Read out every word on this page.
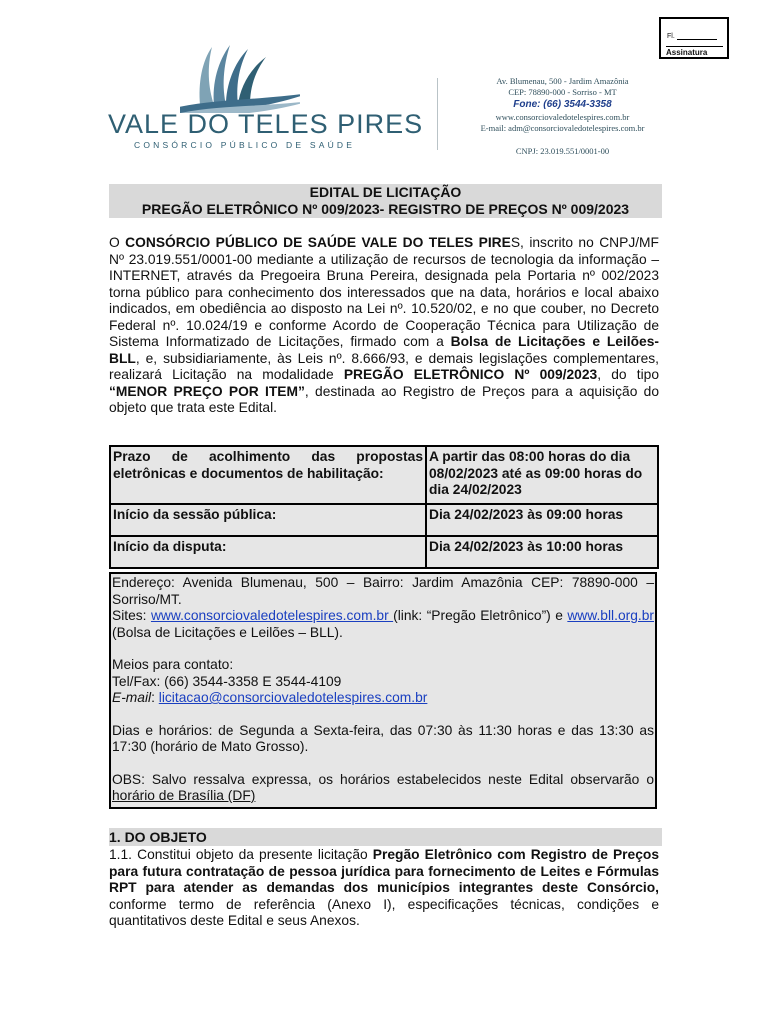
Fl.
Assinatura
VALE DO TELES PIRES
CONSÓRCIO PÚBLICO DE SAÚDE
Av. Blumenau, 500 - Jardim Amazônia
CEP: 78890-000 - Sorriso - MT
Fone: (66) 3544-3358
www.consorciovaledotelespires.com.br
E-mail: adm@consorciovaledotelespires.com.br
CNPJ: 23.019.551/0001-00
EDITAL DE LICITAÇÃO
PREGÃO ELETRÔNICO Nº 009/2023- REGISTRO DE PREÇOS Nº 009/2023
O CONSÓRCIO PÚBLICO DE SAÚDE VALE DO TELES PIRES, inscrito no CNPJ/MF Nº 23.019.551/0001-00 mediante a utilização de recursos de tecnologia da informação – INTERNET, através da Pregoeira Bruna Pereira, designada pela Portaria nº 002/2023 torna público para conhecimento dos interessados que na data, horários e local abaixo indicados, em obediência ao disposto na Lei nº. 10.520/02, e no que couber, no Decreto Federal nº. 10.024/19 e conforme Acordo de Cooperação Técnica para Utilização de Sistema Informatizado de Licitações, firmado com a Bolsa de Licitações e Leilões- BLL, e, subsidiariamente, às Leis nº. 8.666/93, e demais legislações complementares, realizará Licitação na modalidade PREGÃO ELETRÔNICO Nº 009/2023, do tipo “MENOR PREÇO POR ITEM”, destinada ao Registro de Preços para a aquisição do objeto que trata este Edital.
Prazo de acolhimento das propostas eletrônicas e documentos de habilitação:	A partir das 08:00 horas do dia 08/02/2023 até as 09:00 horas do dia 24/02/2023
Início da sessão pública:	Dia 24/02/2023 às 09:00 horas
Início da disputa:	Dia 24/02/2023 às 10:00 horas

Endereço: Avenida Blumenau, 500 – Bairro: Jardim Amazônia CEP: 78890-000 – Sorriso/MT.

Sites: www.consorciovaledotelespires.com.br (link: “Pregão Eletrônico”) e www.bll.org.br (Bolsa de Licitações e Leilões – BLL).

Meios para contato:

Tel/Fax: (66) 3544-3358 E 3544-4109

E-mail: licitacao@consorciovaledotelespires.com.br

Dias e horários: de Segunda a Sexta-feira, das 07:30 às 11:30 horas e das 13:30 as 17:30 (horário de Mato Grosso).

OBS: Salvo ressalva expressa, os horários estabelecidos neste Edital observarão o horário de Brasília (DF)

1. DO OBJETO
1.1. Constitui objeto da presente licitação Pregão Eletrônico com Registro de Preços para futura contratação de pessoa jurídica para fornecimento de Leites e Fórmulas RPT para atender as demandas dos municípios integrantes deste Consórcio, conforme termo de referência (Anexo I), especificações técnicas, condições e quantitativos deste Edital e seus Anexos.
